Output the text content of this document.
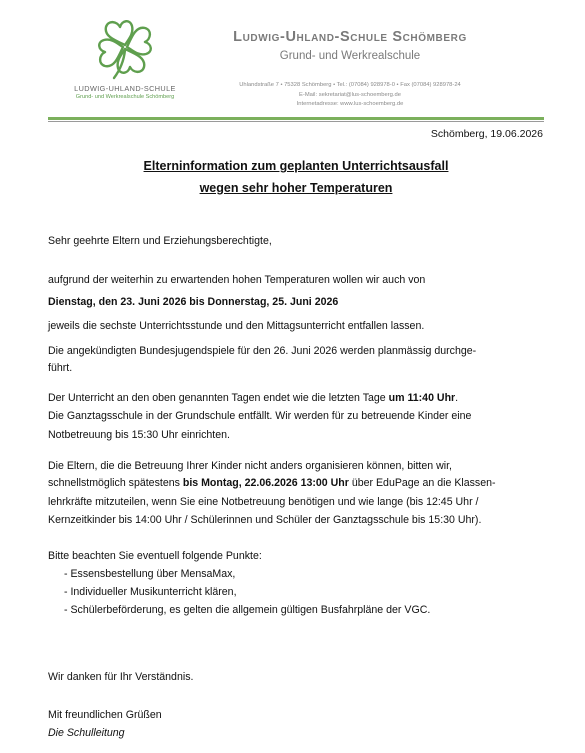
LUDWIG-UHLAND-SCHULE
Grund- und Werkrealschule Schömberg
Ludwig-Uhland-Schule Schömberg
Grund- und Werkrealschule
Uhlandstraße 7 • 75328 Schömberg • Tel.: (07084) 928978-0 • Fax (07084) 928978-24
E-Mail: sekretariat@lus-schoemberg.de
Internetadresse: www.lus-schoemberg.de
Schömberg, 19.06.2026
Elterninformation zum geplanten Unterrichtsausfall
wegen sehr hoher Temperaturen
Sehr geehrte Eltern und Erziehungsberechtigte,
aufgrund der weiterhin zu erwartenden hohen Temperaturen wollen wir auch von
Dienstag, den 23. Juni 2026 bis Donnerstag, 25. Juni 2026
jeweils die sechste Unterrichtsstunde und den Mittagsunterricht entfallen lassen.
Die angekündigten Bundesjugendspiele für den 26. Juni 2026 werden planmässig durchge-
führt.
Der Unterricht an den oben genannten Tagen endet wie die letzten Tage um 11:40 Uhr.
Die Ganztagsschule in der Grundschule entfällt. Wir werden für zu betreuende Kinder eine
Notbetreuung bis 15:30 Uhr einrichten.
Die Eltern, die die Betreuung Ihrer Kinder nicht anders organisieren können, bitten wir,
schnellstmöglich spätestens bis Montag, 22.06.2026 13:00 Uhr über EduPage an die Klassen-
lehrkräfte mitzuteilen, wenn Sie eine Notbetreuung benötigen und wie lange (bis 12:45 Uhr /
Kernzeitkinder bis 14:00 Uhr / Schülerinnen und Schüler der Ganztagsschule bis 15:30 Uhr).
Bitte beachten Sie eventuell folgende Punkte:
- Essensbestellung über MensaMax,
- Individueller Musikunterricht klären,
- Schülerbeförderung, es gelten die allgemein gültigen Busfahrpläne der VGC.
Wir danken für Ihr Verständnis.
Mit freundlichen Grüßen
Die Schulleitung
